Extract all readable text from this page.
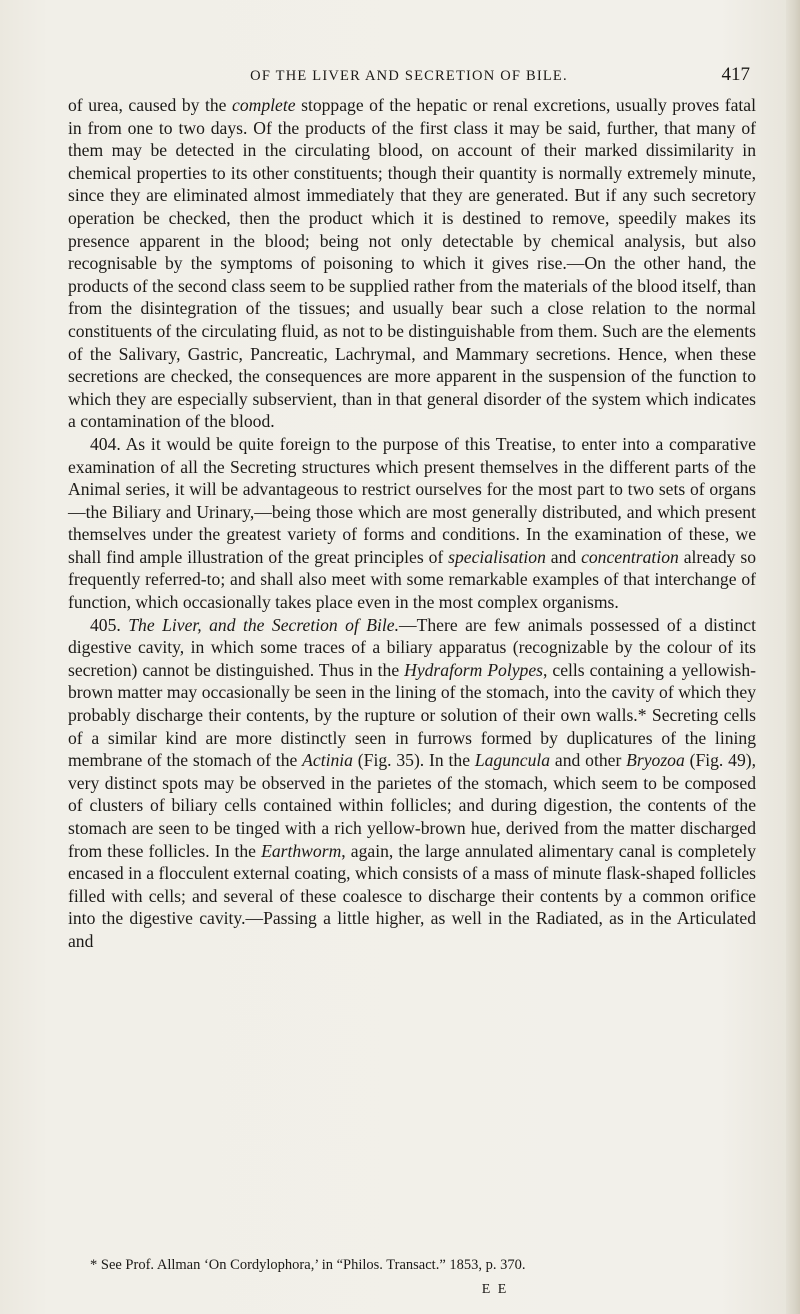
OF THE LIVER AND SECRETION OF BILE.	417

of urea, caused by the complete stoppage of the hepatic or renal excretions, usually proves fatal in from one to two days. Of the products of the first class it may be said, further, that many of them may be detected in the circulating blood, on account of their marked dissimilarity in chemical properties to its other constituents; though their quantity is normally extremely minute, since they are eliminated almost immediately that they are generated. But if any such secretory operation be checked, then the product which it is destined to remove, speedily makes its presence apparent in the blood; being not only detectable by chemical analysis, but also recognisable by the symptoms of poisoning to which it gives rise.—On the other hand, the products of the second class seem to be supplied rather from the materials of the blood itself, than from the disintegration of the tissues; and usually bear such a close relation to the normal constituents of the circulating fluid, as not to be distinguishable from them. Such are the elements of the Salivary, Gastric, Pancreatic, Lachrymal, and Mammary secretions. Hence, when these secretions are checked, the consequences are more apparent in the suspension of the function to which they are especially subservient, than in that general disorder of the system which indicates a contamination of the blood.

404. As it would be quite foreign to the purpose of this Treatise, to enter into a comparative examination of all the Secreting structures which present themselves in the different parts of the Animal series, it will be advantageous to restrict ourselves for the most part to two sets of organs—the Biliary and Urinary,—being those which are most generally distributed, and which present themselves under the greatest variety of forms and conditions. In the examination of these, we shall find ample illustration of the great principles of specialisation and concentration already so frequently referred-to; and shall also meet with some remarkable examples of that interchange of function, which occasionally takes place even in the most complex organisms.

405. The Liver, and the Secretion of Bile.—There are few animals possessed of a distinct digestive cavity, in which some traces of a biliary apparatus (recognizable by the colour of its secretion) cannot be distinguished. Thus in the Hydraform Polypes, cells containing a yellowish-brown matter may occasionally be seen in the lining of the stomach, into the cavity of which they probably discharge their contents, by the rupture or solution of their own walls.* Secreting cells of a similar kind are more distinctly seen in furrows formed by duplicatures of the lining membrane of the stomach of the Actinia (Fig. 35). In the Laguncula and other Bryozoa (Fig. 49), very distinct spots may be observed in the parietes of the stomach, which seem to be composed of clusters of biliary cells contained within follicles; and during digestion, the contents of the stomach are seen to be tinged with a rich yellow-brown hue, derived from the matter discharged from these follicles. In the Earthworm, again, the large annulated alimentary canal is completely encased in a flocculent external coating, which consists of a mass of minute flask-shaped follicles filled with cells; and several of these coalesce to discharge their contents by a common orifice into the digestive cavity.—Passing a little higher, as well in the Radiated, as in the Articulated and

* See Prof. Allman ‘On Cordylophora,’ in “Philos. Transact.” 1853, p. 370.
E E
